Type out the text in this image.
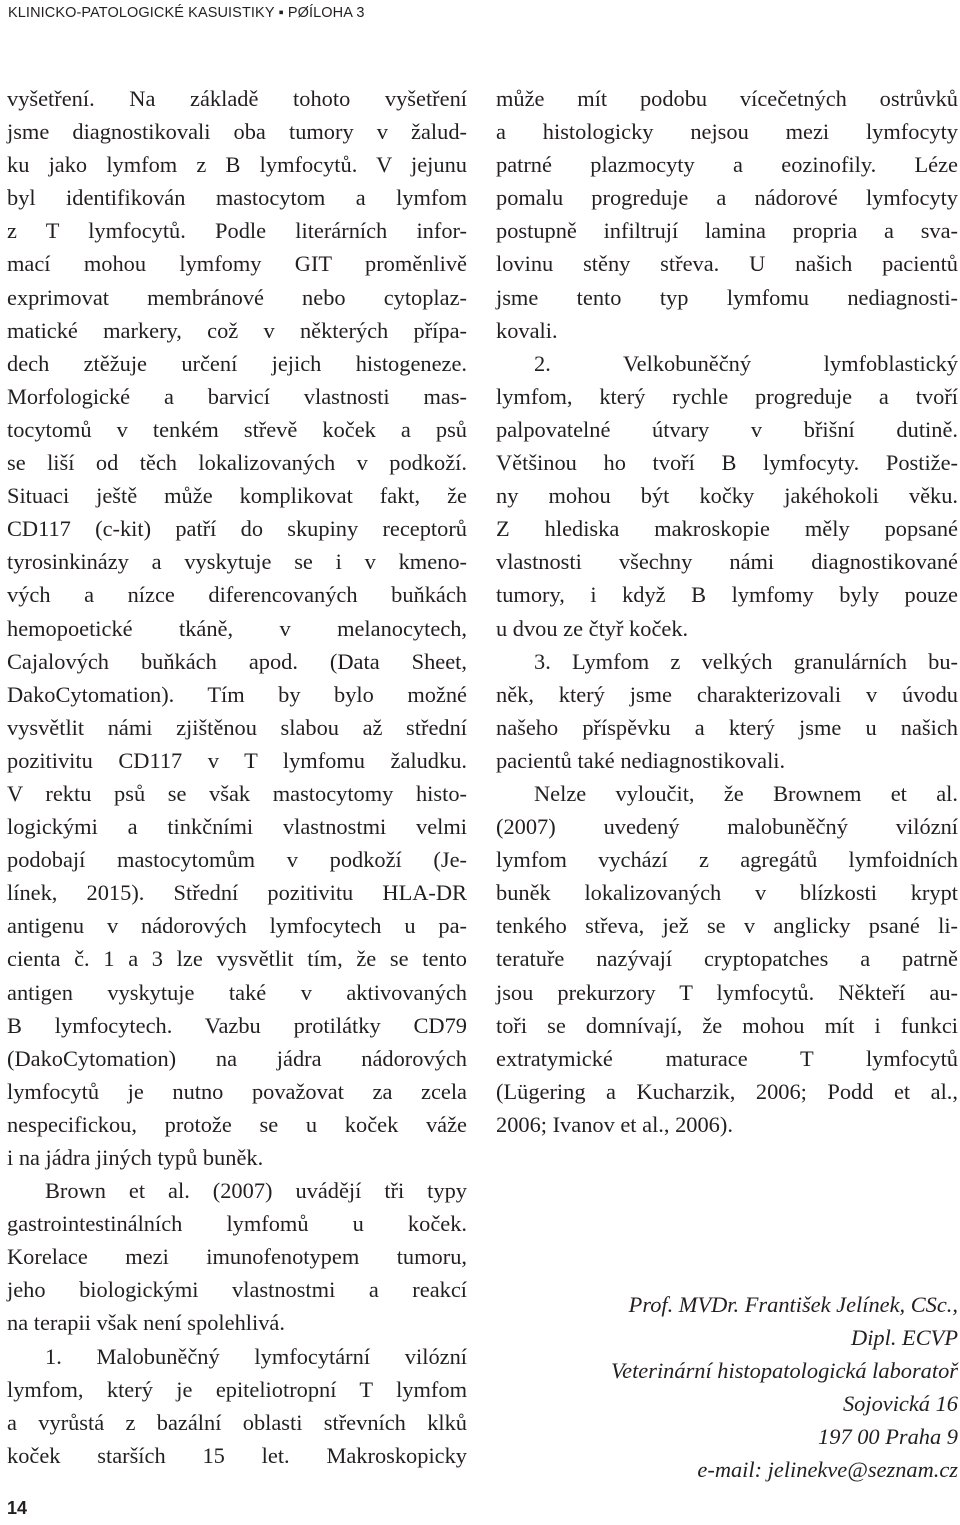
KLINICKO-PATOLOGICKÉ KASUISTIKY ▪ PØÍLOHA 3
vyšetření. Na základě tohoto vyšetření
jsme diagnostikovali oba tumory v žalud-
ku jako lymfom z B lymfocytů. V jejunu
byl identifikován mastocytom a lymfom
z T lymfocytů. Podle literárních infor-
mací mohou lymfomy GIT proměnlivě
exprimovat membránové nebo cytoplaz-
matické markery, což v některých přípa-
dech ztěžuje určení jejich histogeneze.
Morfologické a barvicí vlastnosti mas-
tocytomů v tenkém střevě koček a psů
se liší od těch lokalizovaných v podkoží.
Situaci ještě může komplikovat fakt, že
CD117 (c-kit) patří do skupiny receptorů
tyrosinkinázy a vyskytuje se i v kmeno-
vých a nízce diferencovaných buňkách
hemopoetické tkáně, v melanocytech,
Cajalových buňkách apod. (Data Sheet,
DakoCytomation). Tím by bylo možné
vysvětlit námi zjištěnou slabou až střední
pozitivitu CD117 v T lymfomu žaludku.
V rektu psů se však mastocytomy histo-
logickými a tinkčními vlastnostmi velmi
podobají mastocytomům v podkoží (Je-
línek, 2015). Střední pozitivitu HLA-DR
antigenu v nádorových lymfocytech u pa-
cienta č. 1 a 3 lze vysvětlit tím, že se tento
antigen vyskytuje také v aktivovaných
B lymfocytech. Vazbu protilátky CD79
(DakoCytomation) na jádra nádorových
lymfocytů je nutno považovat za zcela
nespecifickou, protože se u koček váže
i na jádra jiných typů buněk.
Brown et al. (2007) uvádějí tři typy
gastrointestinálních lymfomů u koček.
Korelace mezi imunofenotypem tumoru,
jeho biologickými vlastnostmi a reakcí
na terapii však není spolehlivá.
1. Malobuněčný lymfocytární vilózní
lymfom, který je epiteliotropní T lymfom
a vyrůstá z bazální oblasti střevních klků
koček starších 15 let. Makroskopicky
může mít podobu vícečetných ostrůvků
a histologicky nejsou mezi lymfocyty
patrné plazmocyty a eozinofily. Léze
pomalu progreduje a nádorové lymfocyty
postupně infiltrují lamina propria a sva-
lovinu stěny střeva. U našich pacientů
jsme tento typ lymfomu nediagnosti-
kovali.
2. Velkobuněčný lymfoblastický
lymfom, který rychle progreduje a tvoří
palpovatelné útvary v břišní dutině.
Většinou ho tvoří B lymfocyty. Postiže-
ny mohou být kočky jakéhokoli věku.
Z hlediska makroskopie měly popsané
vlastnosti všechny námi diagnostikované
tumory, i když B lymfomy byly pouze
u dvou ze čtyř koček.
3. Lymfom z velkých granulárních bu-
něk, který jsme charakterizovali v úvodu
našeho příspěvku a který jsme u našich
pacientů také nediagnostikovali.
Nelze vyloučit, že Brownem et al.
(2007) uvedený malobuněčný vilózní
lymfom vychází z agregátů lymfoidních
buněk lokalizovaných v blízkosti krypt
tenkého střeva, jež se v anglicky psané li-
teratuře nazývají cryptopatches a patrně
jsou prekurzory T lymfocytů. Někteří au-
toři se domnívají, že mohou mít i funkci
extratymické maturace T lymfocytů
(Lügering a Kucharzik, 2006; Podd et al.,
2006; Ivanov et al., 2006).
Prof. MVDr. František Jelínek, CSc.,
Dipl. ECVP
Veterinární histopatologická laboratoř
Sojovická 16
197 00 Praha 9
e-mail: jelinekve@seznam.cz
14
